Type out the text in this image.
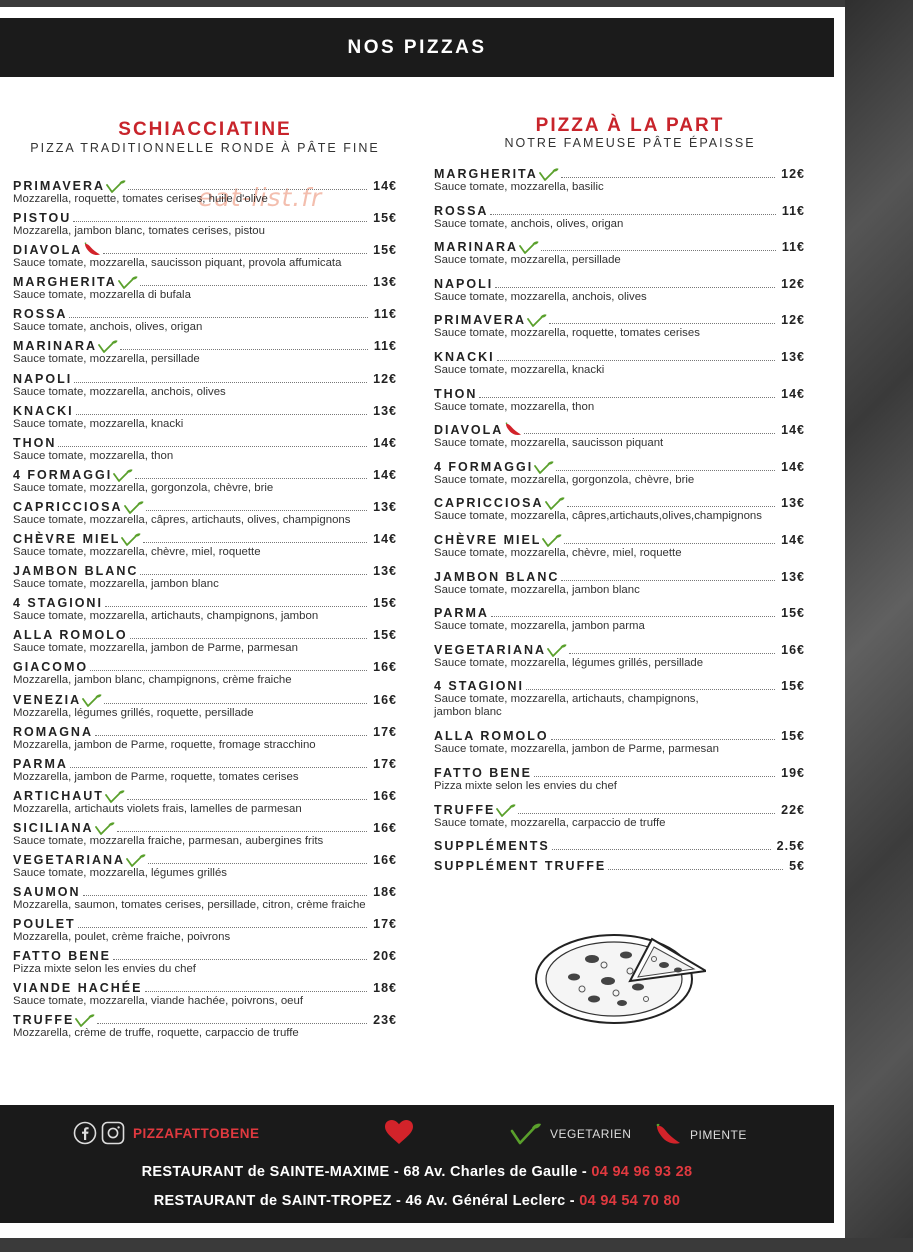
NOS PIZZAS
SCHIACCIATINE
PIZZA TRADITIONNELLE RONDE À PÂTE FINE
PIZZA À LA PART
NOTRE FAMEUSE PÂTE ÉPAISSE
eat-list.fr
PRIMAVERA	14€
Mozzarella, roquette, tomates cerises, huile d'olive
PISTOU	15€
Mozzarella, jambon blanc, tomates cerises, pistou
DIAVOLA	15€
Sauce tomate, mozzarella, saucisson piquant, provola affumicata
MARGHERITA	13€
Sauce tomate, mozzarella di bufala
ROSSA	11€
Sauce tomate, anchois, olives, origan
MARINARA	11€
Sauce tomate, mozzarella, persillade
NAPOLI	12€
Sauce tomate, mozzarella, anchois, olives
KNACKI	13€
Sauce tomate, mozzarella, knacki
THON	14€
Sauce tomate, mozzarella, thon
4 FORMAGGI	14€
Sauce tomate, mozzarella, gorgonzola, chèvre, brie
CAPRICCIOSA	13€
Sauce tomate, mozzarella, câpres, artichauts, olives, champignons
CHÈVRE MIEL	14€
Sauce tomate, mozzarella, chèvre, miel, roquette
JAMBON BLANC	13€
Sauce tomate, mozzarella, jambon blanc
4 STAGIONI	15€
Sauce tomate, mozzarella, artichauts, champignons, jambon
ALLA ROMOLO	15€
Sauce tomate, mozzarella, jambon de Parme, parmesan
GIACOMO	16€
Mozzarella, jambon blanc, champignons, crème fraiche
VENEZIA	16€
Mozzarella, légumes grillés, roquette, persillade
ROMAGNA	17€
Mozzarella, jambon de Parme, roquette, fromage stracchino
PARMA	17€
Mozzarella, jambon de Parme, roquette, tomates cerises
ARTICHAUT	16€
Mozzarella, artichauts violets frais, lamelles de parmesan
SICILIANA	16€
Sauce tomate, mozzarella fraiche, parmesan, aubergines frits
VEGETARIANA	16€
Sauce tomate, mozzarella, légumes grillés
SAUMON	18€
Mozzarella, saumon, tomates cerises, persillade, citron, crème fraiche
POULET	17€
Mozzarella, poulet, crème fraiche, poivrons
FATTO BENE	20€
Pizza mixte selon les envies du chef
VIANDE HACHÉE	18€
Sauce tomate, mozzarella, viande hachée, poivrons, oeuf
TRUFFE	23€
Mozzarella, crème de truffe, roquette, carpaccio de truffe
MARGHERITA	12€
Sauce tomate, mozzarella, basilic
ROSSA	11€
Sauce tomate, anchois, olives, origan
MARINARA	11€
Sauce tomate, mozzarella, persillade
NAPOLI	12€
Sauce tomate, mozzarella, anchois, olives
PRIMAVERA	12€
Sauce tomate, mozzarella, roquette, tomates cerises
KNACKI	13€
Sauce tomate, mozzarella, knacki
THON	14€
Sauce tomate, mozzarella, thon
DIAVOLA	14€
Sauce tomate, mozzarella, saucisson piquant
4 FORMAGGI	14€
Sauce tomate, mozzarella, gorgonzola, chèvre, brie
CAPRICCIOSA	13€
Sauce tomate, mozzarella, câpres,artichauts,olives,champignons
CHÈVRE MIEL	14€
Sauce tomate, mozzarella, chèvre, miel, roquette
JAMBON BLANC	13€
Sauce tomate, mozzarella, jambon blanc
PARMA	15€
Sauce tomate, mozzarella, jambon parma
VEGETARIANA	16€
Sauce tomate, mozzarella, légumes grillés, persillade
4 STAGIONI	15€
Sauce tomate, mozzarella, artichauts, champignons, jambon blanc
ALLA ROMOLO	15€
Sauce tomate, mozzarella, jambon de Parme, parmesan
FATTO BENE	19€
Pizza mixte selon les envies du chef
TRUFFE	22€
Sauce tomate, mozzarella, carpaccio de truffe
SUPPLÉMENTS	2.5€
SUPPLÉMENT TRUFFE	5€
PIZZAFATTOBENE	VEGETARIEN	PIMENTE
RESTAURANT de SAINTE-MAXIME - 68 Av. Charles de Gaulle - 04 94 96 93 28
RESTAURANT de SAINT-TROPEZ - 46 Av. Général Leclerc - 04 94 54 70 80
